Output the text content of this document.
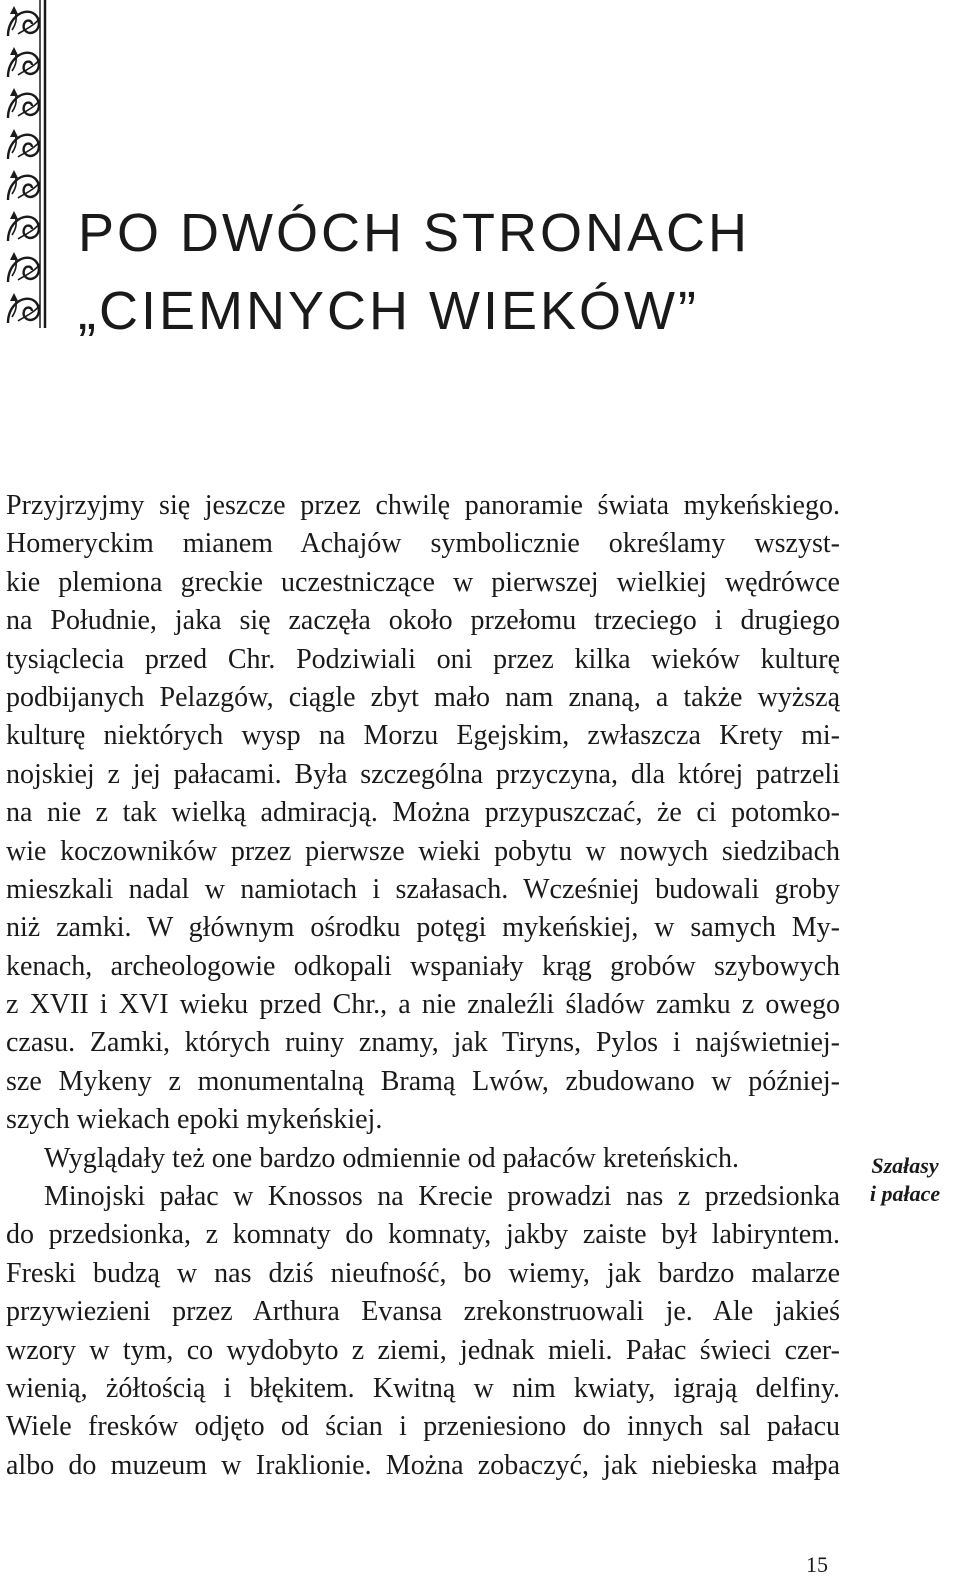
PO DWÓCH STRONACH
„CIEMNYCH WIEKÓW”
Przyjrzyjmy się jeszcze przez chwilę panoramie świata mykeńskiego.
Homeryckim mianem Achajów symbolicznie określamy wszyst-
kie plemiona greckie uczestniczące w pierwszej wielkiej wędrówce
na Południe, jaka się zaczęła około przełomu trzeciego i drugiego
tysiąclecia przed Chr. Podziwiali oni przez kilka wieków kulturę
podbijanych Pelazgów, ciągle zbyt mało nam znaną, a także wyższą
kulturę niektórych wysp na Morzu Egejskim, zwłaszcza Krety mi-
nojskiej z jej pałacami. Była szczególna przyczyna, dla której patrzeli
na nie z tak wielką admiracją. Można przypuszczać, że ci potomko-
wie koczowników przez pierwsze wieki pobytu w nowych siedzibach
mieszkali nadal w namiotach i szałasach. Wcześniej budowali groby
niż zamki. W głównym ośrodku potęgi mykeńskiej, w samych My-
kenach, archeologowie odkopali wspaniały krąg grobów szybowych
z XVII i XVI wieku przed Chr., a nie znaleźli śladów zamku z owego
czasu. Zamki, których ruiny znamy, jak Tiryns, Pylos i najświetniej-
sze Mykeny z monumentalną Bramą Lwów, zbudowano w później-
szych wiekach epoki mykeńskiej.
Wyglądały też one bardzo odmiennie od pałaców kreteńskich.
Minojski pałac w Knossos na Krecie prowadzi nas z przedsionka
do przedsionka, z komnaty do komnaty, jakby zaiste był labiryntem.
Freski budzą w nas dziś nieufność, bo wiemy, jak bardzo malarze
przywiezieni przez Arthura Evansa zrekonstruowali je. Ale jakieś
wzory w tym, co wydobyto z ziemi, jednak mieli. Pałac świeci czer-
wienią, żółtością i błękitem. Kwitną w nim kwiaty, igrają delfiny.
Wiele fresków odjęto od ścian i przeniesiono do innych sal pałacu
albo do muzeum w Iraklionie. Można zobaczyć, jak niebieska małpa

Szałasy
i pałace

15
